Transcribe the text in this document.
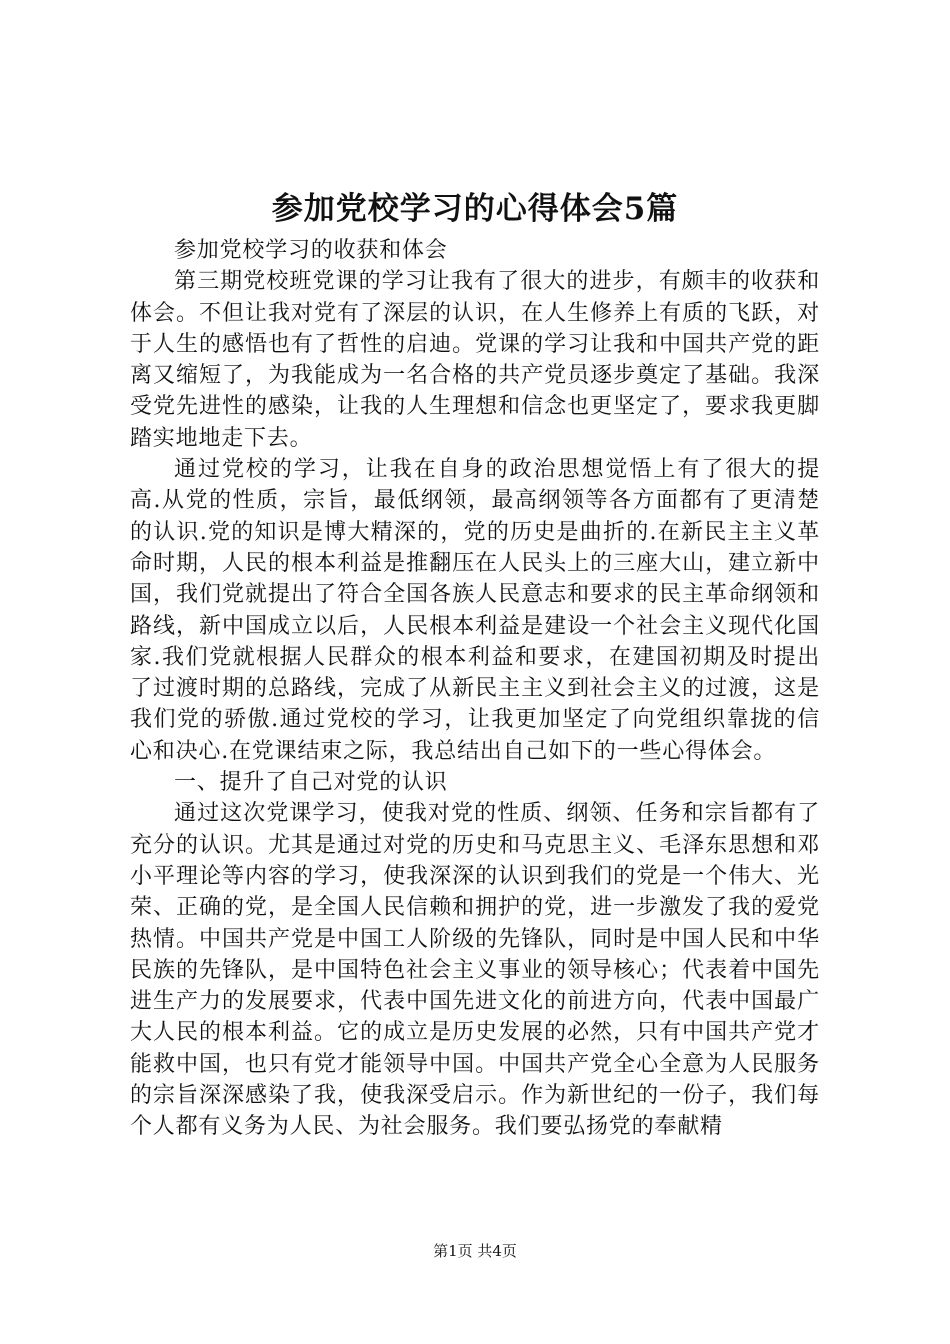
参加党校学习的心得体会5篇

参加党校学习的收获和体会

第三期党校班党课的学习让我有了很大的进步，有颇丰的收获和体会。不但让我对党有了深层的认识，在人生修养上有质的飞跃，对于人生的感悟也有了哲性的启迪。党课的学习让我和中国共产党的距离又缩短了，为我能成为一名合格的共产党员逐步奠定了基础。我深受党先进性的感染，让我的人生理想和信念也更坚定了，要求我更脚踏实地地走下去。

通过党校的学习，让我在自身的政治思想觉悟上有了很大的提高.从党的性质，宗旨，最低纲领，最高纲领等各方面都有了更清楚的认识.党的知识是博大精深的，党的历史是曲折的.在新民主主义革命时期，人民的根本利益是推翻压在人民头上的三座大山，建立新中国，我们党就提出了符合全国各族人民意志和要求的民主革命纲领和路线，新中国成立以后，人民根本利益是建设一个社会主义现代化国家.我们党就根据人民群众的根本利益和要求，在建国初期及时提出了过渡时期的总路线，完成了从新民主主义到社会主义的过渡，这是我们党的骄傲.通过党校的学习，让我更加坚定了向党组织靠拢的信心和决心.在党课结束之际，我总结出自己如下的一些心得体会。

一、提升了自己对党的认识

通过这次党课学习，使我对党的性质、纲领、任务和宗旨都有了充分的认识。尤其是通过对党的历史和马克思主义、毛泽东思想和邓小平理论等内容的学习，使我深深的认识到我们的党是一个伟大、光荣、正确的党，是全国人民信赖和拥护的党，进一步激发了我的爱党热情。中国共产党是中国工人阶级的先锋队，同时是中国人民和中华民族的先锋队，是中国特色社会主义事业的领导核心；代表着中国先进生产力的发展要求，代表中国先进文化的前进方向，代表中国最广大人民的根本利益。它的成立是历史发展的必然，只有中国共产党才能救中国，也只有党才能领导中国。中国共产党全心全意为人民服务的宗旨深深感染了我，使我深受启示。作为新世纪的一份子，我们每个人都有义务为人民、为社会服务。我们要弘扬党的奉献精

第1页 共4页
